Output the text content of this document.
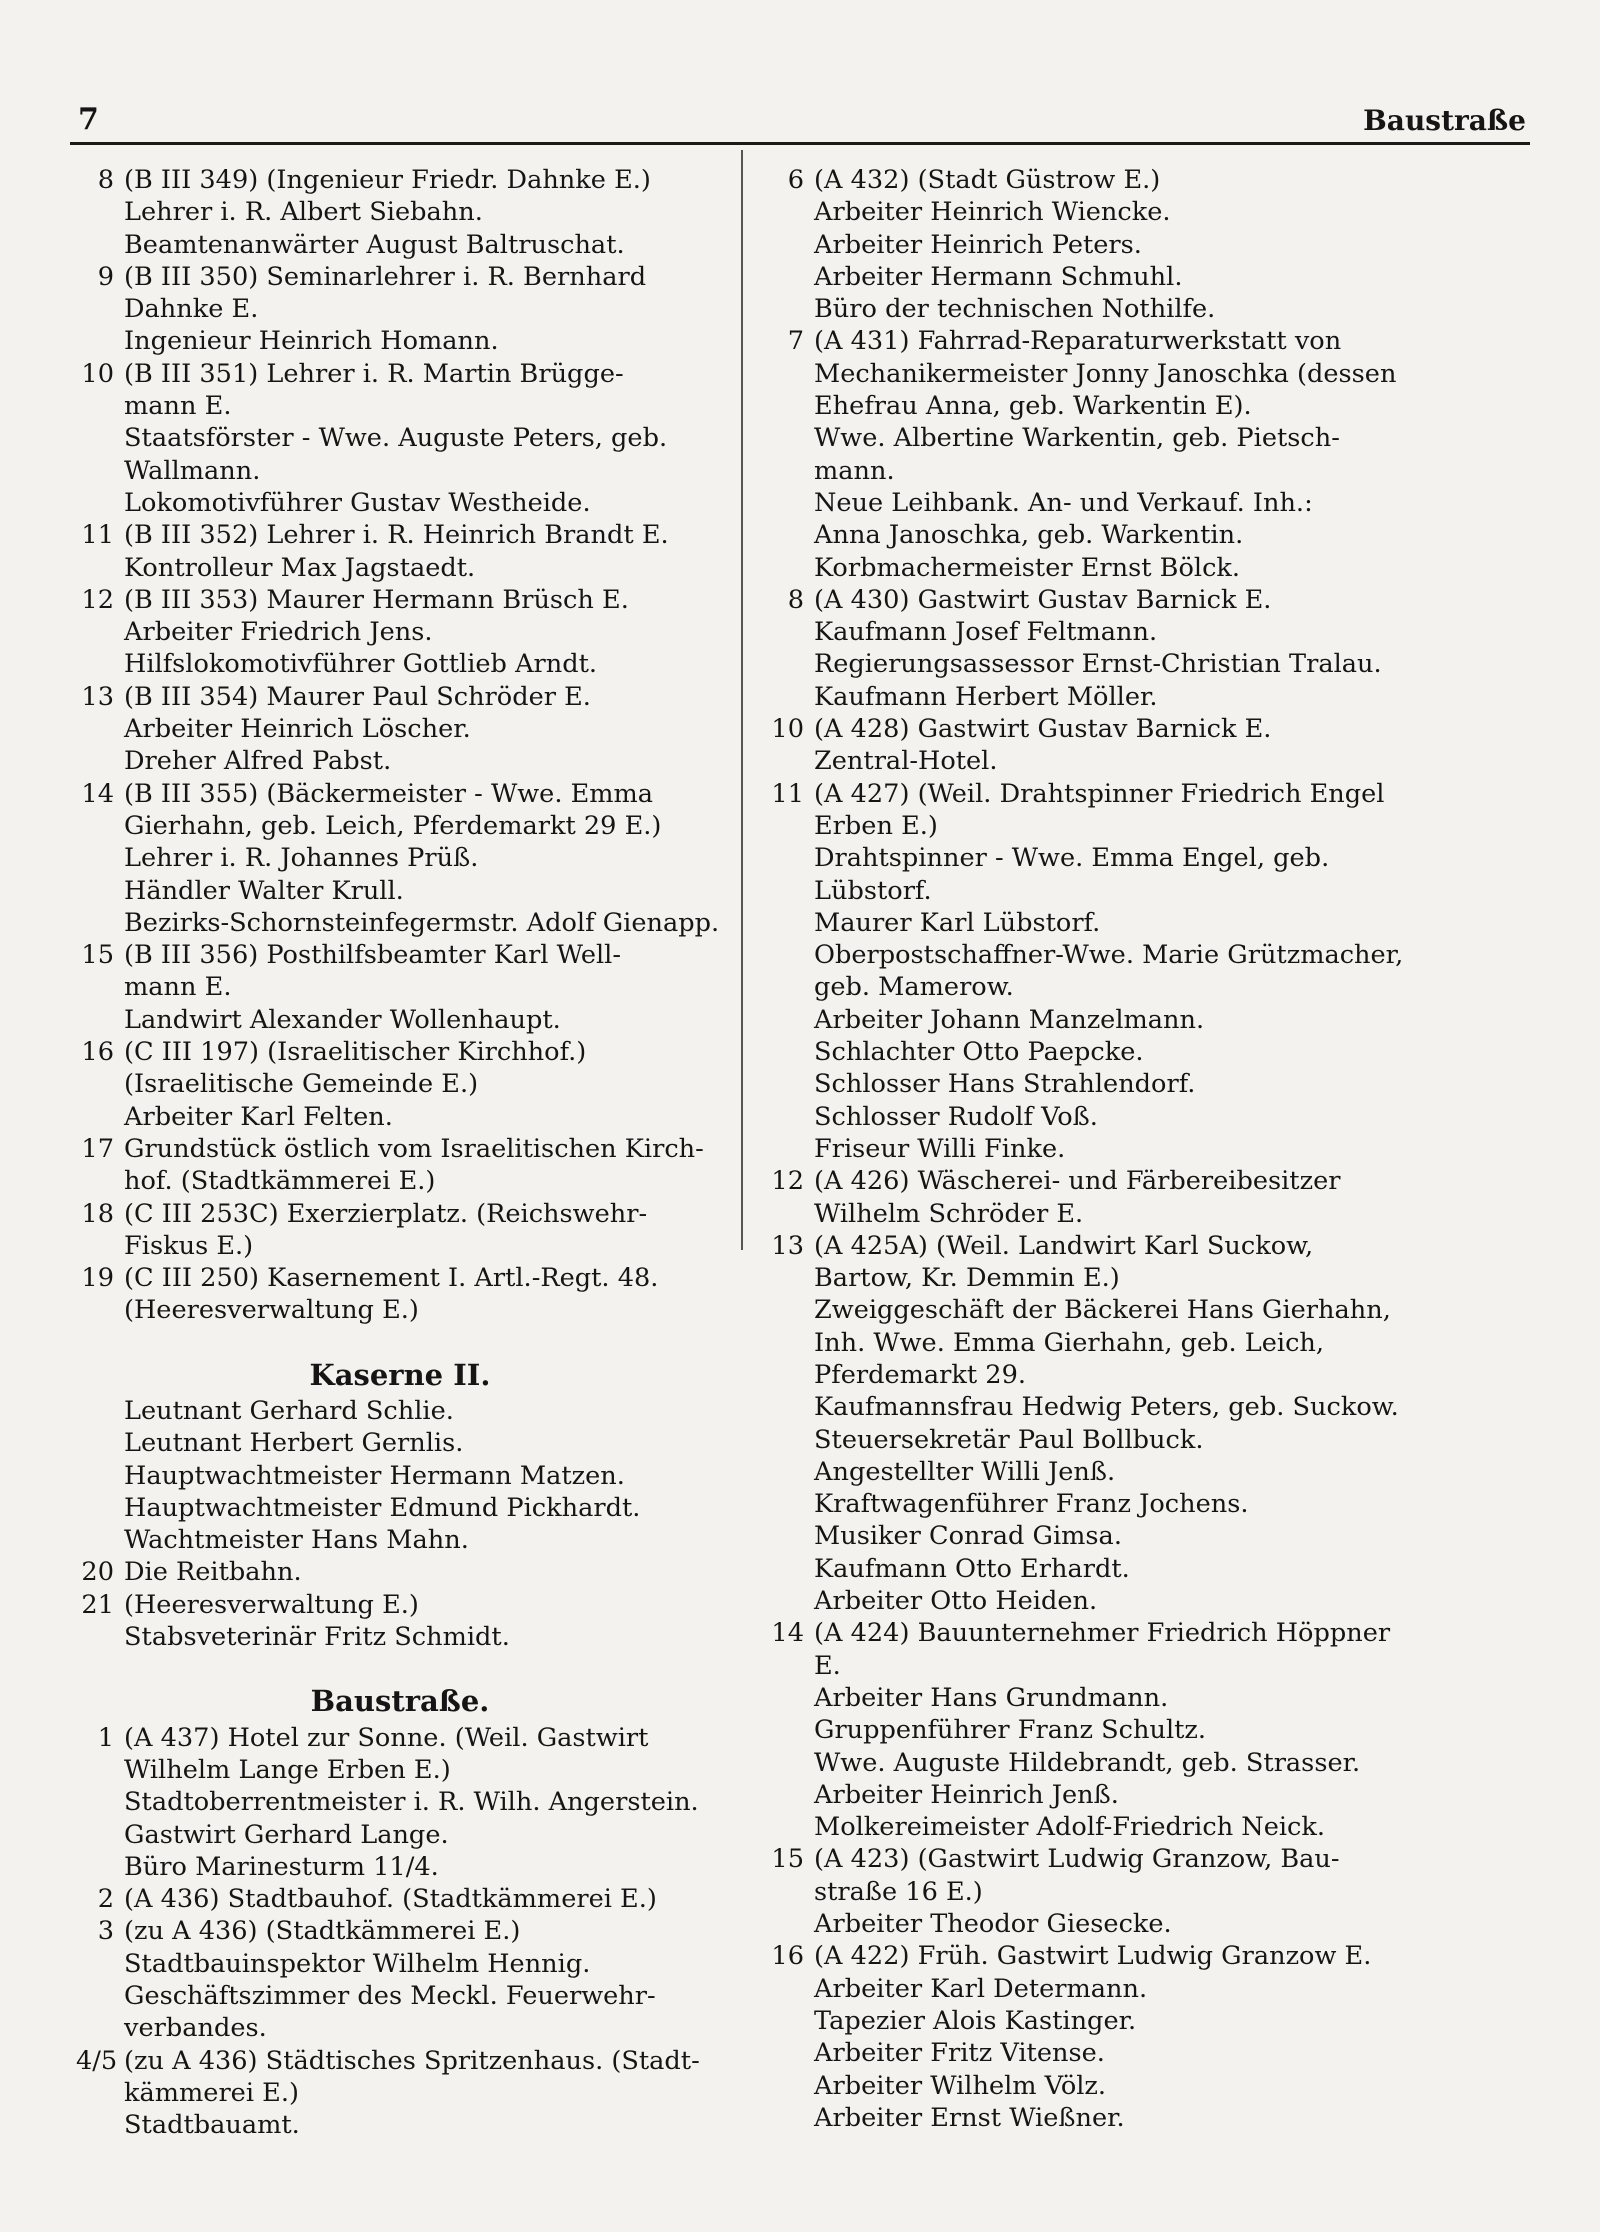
7	Baustraße
8 (B III 349) (Ingenieur Friedr. Dahnke E.)
Lehrer i. R. Albert Siebahn.
Beamtenanwärter August Baltruschat.
9 (B III 350) Seminarlehrer i. R. Bernhard
Dahnke E.
Ingenieur Heinrich Homann.
10 (B III 351) Lehrer i. R. Martin Brügge-
mann E.
Staatsförster - Wwe. Auguste Peters, geb.
Wallmann.
Lokomotivführer Gustav Westheide.
11 (B III 352) Lehrer i. R. Heinrich Brandt E.
Kontrolleur Max Jagstaedt.
12 (B III 353) Maurer Hermann Brüsch E.
Arbeiter Friedrich Jens.
Hilfslokomotivführer Gottlieb Arndt.
13 (B III 354) Maurer Paul Schröder E.
Arbeiter Heinrich Löscher.
Dreher Alfred Pabst.
14 (B III 355) (Bäckermeister - Wwe. Emma
Gierhahn, geb. Leich, Pferdemarkt 29 E.)
Lehrer i. R. Johannes Prüß.
Händler Walter Krull.
Bezirks-Schornsteinfegermstr. Adolf Gienapp.
15 (B III 356) Posthilfsbeamter Karl Well-
mann E.
Landwirt Alexander Wollenhaupt.
16 (C III 197) (Israelitischer Kirchhof.)
(Israelitische Gemeinde E.)
Arbeiter Karl Felten.
17 Grundstück östlich vom Israelitischen Kirch-
hof. (Stadtkämmerei E.)
18 (C III 253C) Exerzierplatz. (Reichswehr-
Fiskus E.)
19 (C III 250) Kasernement I. Artl.-Regt. 48.
(Heeresverwaltung E.)
Kaserne II.
Leutnant Gerhard Schlie.
Leutnant Herbert Gernlis.
Hauptwachtmeister Hermann Matzen.
Hauptwachtmeister Edmund Pickhardt.
Wachtmeister Hans Mahn.
20 Die Reitbahn.
21 (Heeresverwaltung E.)
Stabsveterinär Fritz Schmidt.
Baustraße.
1 (A 437) Hotel zur Sonne. (Weil. Gastwirt
Wilhelm Lange Erben E.)
Stadtoberrentmeister i. R. Wilh. Angerstein.
Gastwirt Gerhard Lange.
Büro Marinesturm 11/4.
2 (A 436) Stadtbauhof. (Stadtkämmerei E.)
3 (zu A 436) (Stadtkämmerei E.)
Stadtbauinspektor Wilhelm Hennig.
Geschäftszimmer des Meckl. Feuerwehr-
verbandes.
4/5 (zu A 436) Städtisches Spritzenhaus. (Stadt-
kämmerei E.)
Stadtbauamt.
6 (A 432) (Stadt Güstrow E.)
Arbeiter Heinrich Wiencke.
Arbeiter Heinrich Peters.
Arbeiter Hermann Schmuhl.
Büro der technischen Nothilfe.
7 (A 431) Fahrrad-Reparaturwerkstatt von
Mechanikermeister Jonny Janoschka (dessen
Ehefrau Anna, geb. Warkentin E).
Wwe. Albertine Warkentin, geb. Pietsch-
mann.
Neue Leihbank. An- und Verkauf. Inh.:
Anna Janoschka, geb. Warkentin.
Korbmachermeister Ernst Bölck.
8 (A 430) Gastwirt Gustav Barnick E.
Kaufmann Josef Feltmann.
Regierungsassessor Ernst-Christian Tralau.
Kaufmann Herbert Möller.
10 (A 428) Gastwirt Gustav Barnick E.
Zentral-Hotel.
11 (A 427) (Weil. Drahtspinner Friedrich Engel
Erben E.)
Drahtspinner - Wwe. Emma Engel, geb.
Lübstorf.
Maurer Karl Lübstorf.
Oberpostschaffner-Wwe. Marie Grützmacher,
geb. Mamerow.
Arbeiter Johann Manzelmann.
Schlachter Otto Paepcke.
Schlosser Hans Strahlendorf.
Schlosser Rudolf Voß.
Friseur Willi Finke.
12 (A 426) Wäscherei- und Färbereibesitzer
Wilhelm Schröder E.
13 (A 425A) (Weil. Landwirt Karl Suckow,
Bartow, Kr. Demmin E.)
Zweiggeschäft der Bäckerei Hans Gierhahn,
Inh. Wwe. Emma Gierhahn, geb. Leich,
Pferdemarkt 29.
Kaufmannsfrau Hedwig Peters, geb. Suckow.
Steuersekretär Paul Bollbuck.
Angestellter Willi Jenß.
Kraftwagenführer Franz Jochens.
Musiker Conrad Gimsa.
Kaufmann Otto Erhardt.
Arbeiter Otto Heiden.
14 (A 424) Bauunternehmer Friedrich Höppner
E.
Arbeiter Hans Grundmann.
Gruppenführer Franz Schultz.
Wwe. Auguste Hildebrandt, geb. Strasser.
Arbeiter Heinrich Jenß.
Molkereimeister Adolf-Friedrich Neick.
15 (A 423) (Gastwirt Ludwig Granzow, Bau-
straße 16 E.)
Arbeiter Theodor Giesecke.
16 (A 422) Früh. Gastwirt Ludwig Granzow E.
Arbeiter Karl Determann.
Tapezier Alois Kastinger.
Arbeiter Fritz Vitense.
Arbeiter Wilhelm Völz.
Arbeiter Ernst Wießner.
